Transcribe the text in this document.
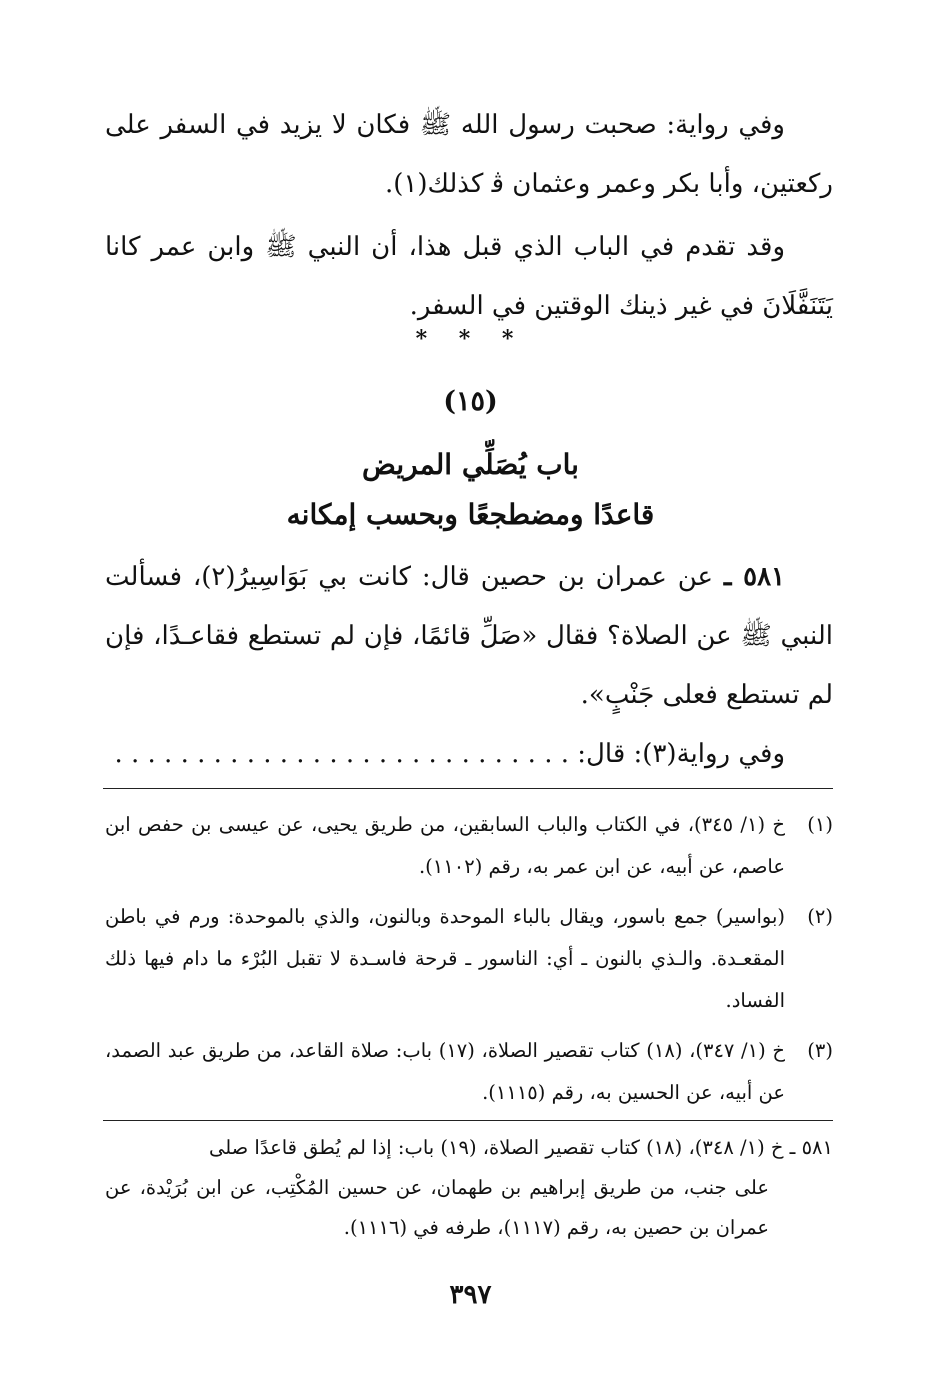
وفي رواية: صحبت رسول الله ﷺ فكان لا يزيد في السفر على ركعتين، وأبا بكر وعمر وعثمان ﭬ كذلك(١).

وقد تقدم في الباب الذي قبل هذا، أن النبي ﷺ وابن عمر كانا يَتَنَفَّلَانَ في غير ذينك الوقتين في السفر.

* * *
(١٥)
باب يُصَلِّي المريض
قاعدًا ومضطجعًا وبحسب إمكانه

٥٨١ ـ عن عمران بن حصين قال: كانت بي بَوَاسِيرُ(٢)، فسألت النبي ﷺ عن الصلاة؟ فقال «صَلِّ قائمًا، فإن لم تستطع فقاعـدًا، فإن لم تستطع فعلى جَنْبٍ».

وفي رواية(٣): قال: . . . . . . . . . . . . . . . . . . . . . . . . . . . .

(١)
خ (١/ ٣٤٥)، في الكتاب والباب السابقين، من طريق يحيى، عن عيسى بن حفص ابن عاصم، عن أبيه، عن ابن عمر به، رقم (١١٠٢).
(٢)
(بواسير) جمع باسور، ويقال بالباء الموحدة وبالنون، والذي بالموحدة: ورم في باطن المقعـدة. والـذي بالنون ـ أي: الناسور ـ قرحة فاسـدة لا تقبل البُرْء ما دام فيها ذلك الفساد.
(٣)
خ (١/ ٣٤٧)، (١٨) كتاب تقصير الصلاة، (١٧) باب: صلاة القاعد، من طريق عبد الصمد، عن أبيه، عن الحسين به، رقم (١١١٥).

٥٨١ ـ خ (١/ ٣٤٨)، (١٨) كتاب تقصير الصلاة، (١٩) باب: إذا لم يُطق قاعدًا صلى
على جنب، من طريق إبراهيم بن طهمان، عن حسين المُكْتِب، عن ابن بُرَيْدة، عن عمران بن حصين به، رقم (١١١٧)، طرفه في (١١١٦).

٣٩٧
